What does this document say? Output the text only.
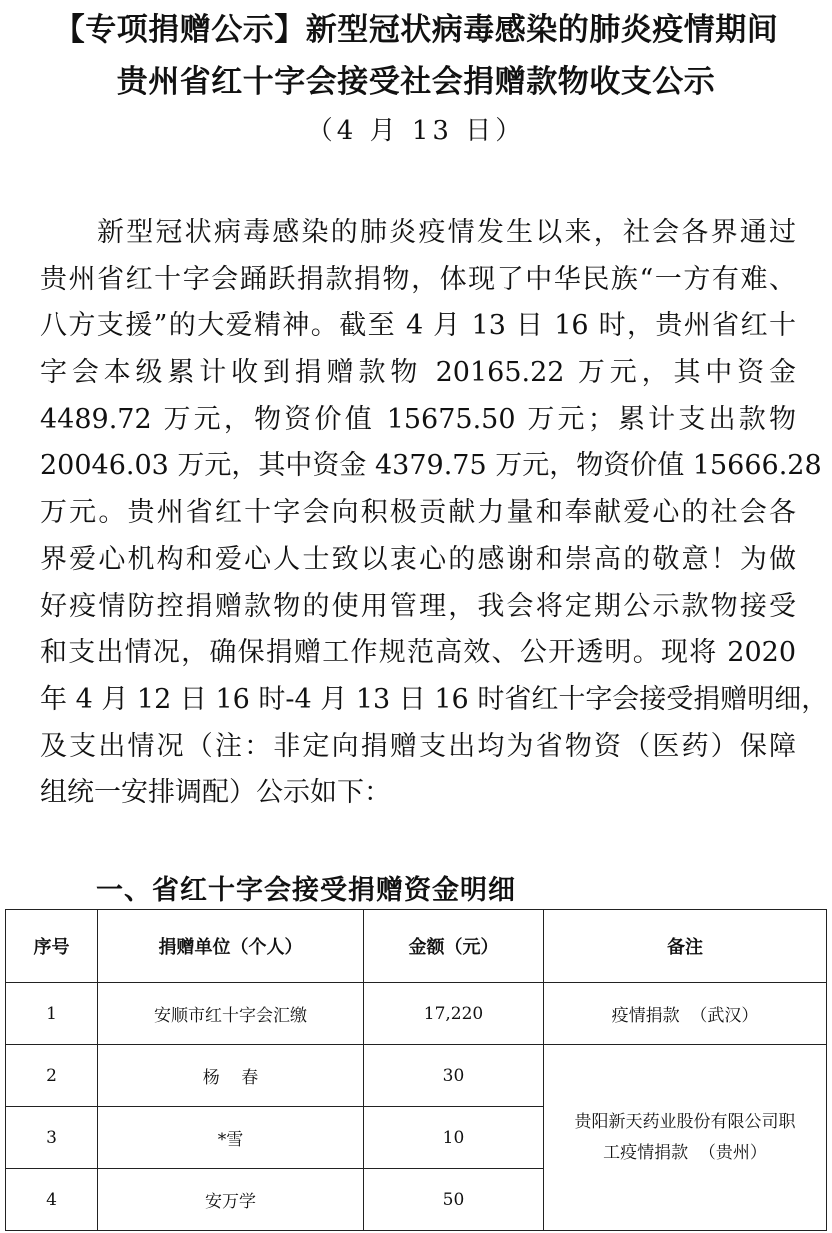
【专项捐赠公示】新型冠状病毒感染的肺炎疫情期间
贵州省红十字会接受社会捐赠款物收支公示
（4 月 13 日）
新型冠状病毒感染的肺炎疫情发生以来，社会各界通过
贵州省红十字会踊跃捐款捐物，体现了中华民族“一方有难、
八方支援”的大爱精神。截至 4 月 13 日 16 时，贵州省红十
字会本级累计收到捐赠款物 20165.22 万元，其中资金
4489.72 万元，物资价值 15675.50 万元；累计支出款物
20046.03 万元，其中资金 4379.75 万元，物资价值 15666.28
万元。贵州省红十字会向积极贡献力量和奉献爱心的社会各
界爱心机构和爱心人士致以衷心的感谢和崇高的敬意！为做
好疫情防控捐赠款物的使用管理，我会将定期公示款物接受
和支出情况，确保捐赠工作规范高效、公开透明。现将 2020
年 4 月 12 日 16 时-4 月 13 日 16 时省红十字会接受捐赠明细，
及支出情况（注：非定向捐赠支出均为省物资（医药）保障
组统一安排调配）公示如下：
一、省红十字会接受捐赠资金明细
序号	捐赠单位（个人）	金额（元）	备注
1	安顺市红十字会汇缴	17,220	疫情捐款  （武汉）
2	杨    春	30	贵阳新天药业股份有限公司职
工疫情捐款  （贵州）

3	*雪	10	
4	安万学	50	
